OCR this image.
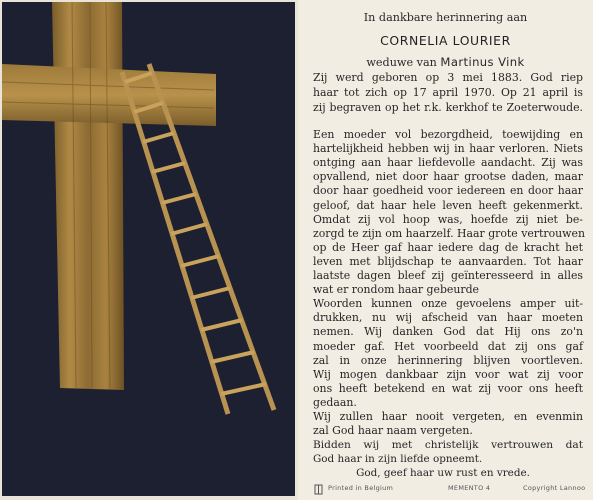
In dankbare herinnering aan
CORNELIA LOURIER
weduwe van Martinus Vink
Zij werd geboren op 3 mei 1883. God riep
haar tot zich op 17 april 1970. Op 21 april is
zij begraven op het r.k. kerkhof te Zoeterwoude.
Een moeder vol bezorgdheid, toewijding en
hartelijkheid hebben wij in haar verloren. Niets
ontging aan haar liefdevolle aandacht. Zij was
opvallend, niet door haar grootse daden, maar
door haar goedheid voor iedereen en door haar
geloof, dat haar hele leven heeft gekenmerkt.
Omdat zij vol hoop was, hoefde zij niet be-
zorgd te zijn om haarzelf. Haar grote vertrouwen
op de Heer gaf haar iedere dag de kracht het
leven met blijdschap te aanvaarden. Tot haar
laatste dagen bleef zij geïnteresseerd in alles
wat er rondom haar gebeurde
Woorden kunnen onze gevoelens amper uit-
drukken, nu wij afscheid van haar moeten
nemen. Wij danken God dat Hij ons zo'n
moeder gaf. Het voorbeeld dat zij ons gaf
zal in onze herinnering blijven voortleven.
Wij mogen dankbaar zijn voor wat zij voor
ons heeft betekend en wat zij voor ons heeft
gedaan.
Wij zullen haar nooit vergeten, en evenmin
zal God haar naam vergeten.
Bidden wij met christelijk vertrouwen dat
Printed in Belgium	MEMENTO 4	Copyright Lannoo
God haar in zijn liefde opneemt.
God, geef haar uw rust en vrede.
